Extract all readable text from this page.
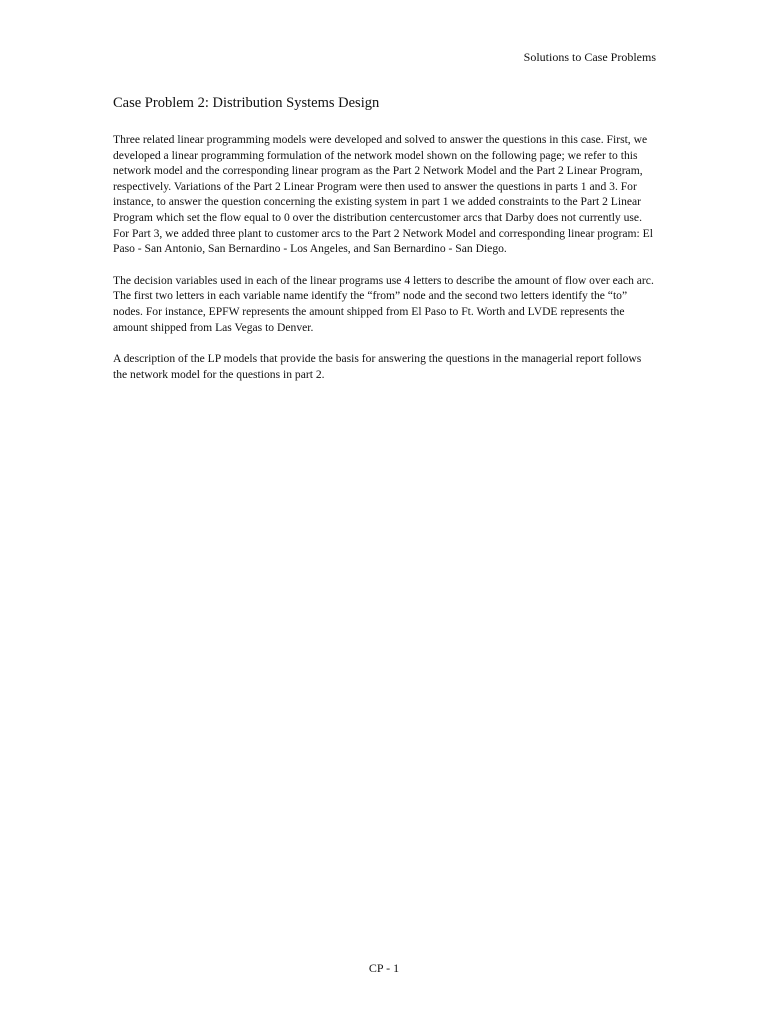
Solutions to Case Problems
Case Problem 2: Distribution Systems Design

Three related linear programming models were developed and solved to answer the questions in this case. First, we developed a linear programming formulation of the network model shown on the following page; we refer to this network model and the corresponding linear program as the Part 2 Network Model and the Part 2 Linear Program, respectively. Variations of the Part 2 Linear Program were then used to answer the questions in parts 1 and 3. For instance, to answer the question concerning the existing system in part 1 we added constraints to the Part 2 Linear Program which set the flow equal to 0 over the distribution centercustomer arcs that Darby does not currently use. For Part 3, we added three plant to customer arcs to the Part 2 Network Model and corresponding linear program: El Paso - San Antonio, San Bernardino - Los Angeles, and San Bernardino - San Diego.

The decision variables used in each of the linear programs use 4 letters to describe the amount of flow over each arc. The first two letters in each variable name identify the “from” node and the second two letters identify the “to” nodes. For instance, EPFW represents the amount shipped from El Paso to Ft. Worth and LVDE represents the amount shipped from Las Vegas to Denver.

A description of the LP models that provide the basis for answering the questions in the managerial report follows the network model for the questions in part 2.

CP - 1
